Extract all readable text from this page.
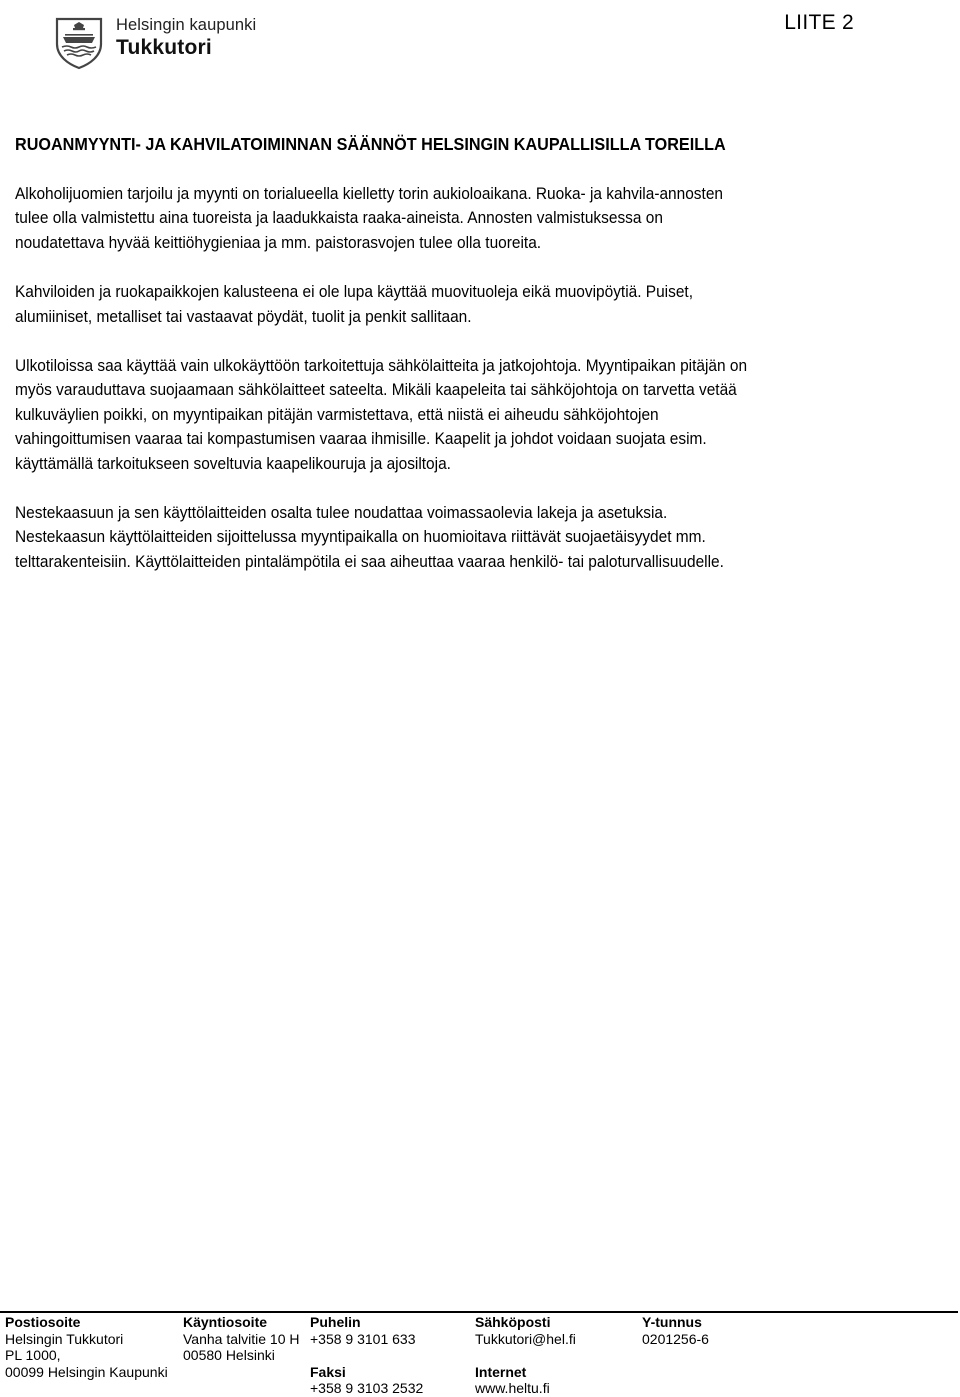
Helsingin kaupunki
Tukkutori
LIITE 2
RUOANMYYNTI- JA KAHVILATOIMINNAN SÄÄNNÖT HELSINGIN KAUPALLISILLA TOREILLA

Alkoholijuomien tarjoilu ja myynti on torialueella kielletty torin aukioloaikana. Ruoka- ja kahvila-annosten
tulee olla valmistettu aina tuoreista ja laadukkaista raaka-aineista. Annosten valmistuksessa on
noudatettava hyvää keittiöhygieniaa ja mm. paistorasvojen tulee olla tuoreita.

Kahviloiden ja ruokapaikkojen kalusteena ei ole lupa käyttää muovituoleja eikä muovipöytiä. Puiset,
alumiiniset, metalliset tai vastaavat pöydät, tuolit ja penkit sallitaan.

Ulkotiloissa saa käyttää vain ulkokäyttöön tarkoitettuja sähkölaitteita ja jatkojohtoja. Myyntipaikan pitäjän on
myös varauduttava suojaamaan sähkölaitteet sateelta. Mikäli kaapeleita tai sähköjohtoja on tarvetta vetää
kulkuväylien poikki, on myyntipaikan pitäjän varmistettava, että niistä ei aiheudu sähköjohtojen
vahingoittumisen vaaraa tai kompastumisen vaaraa ihmisille. Kaapelit ja johdot voidaan suojata esim.
käyttämällä tarkoitukseen soveltuvia kaapelikouruja ja ajosiltoja.

Nestekaasuun ja sen käyttölaitteiden osalta tulee noudattaa voimassaolevia lakeja ja asetuksia.
Nestekaasun käyttölaitteiden sijoittelussa myyntipaikalla on huomioitava riittävät suojaetäisyydet mm.
telttarakenteisiin. Käyttölaitteiden pintalämpötila ei saa aiheuttaa vaaraa henkilö- tai paloturvallisuudelle.

Postiosoite
Helsingin Tukkutori
PL 1000,
00099 Helsingin Kaupunki
Käyntiosoite
Vanha talvitie 10 H
00580 Helsinki
Puhelin
+358 9 3101 633

Faksi
+358 9 3103 2532
Sähköposti
Tukkutori@hel.fi

Internet
www.heltu.fi
Y-tunnus
0201256-6
